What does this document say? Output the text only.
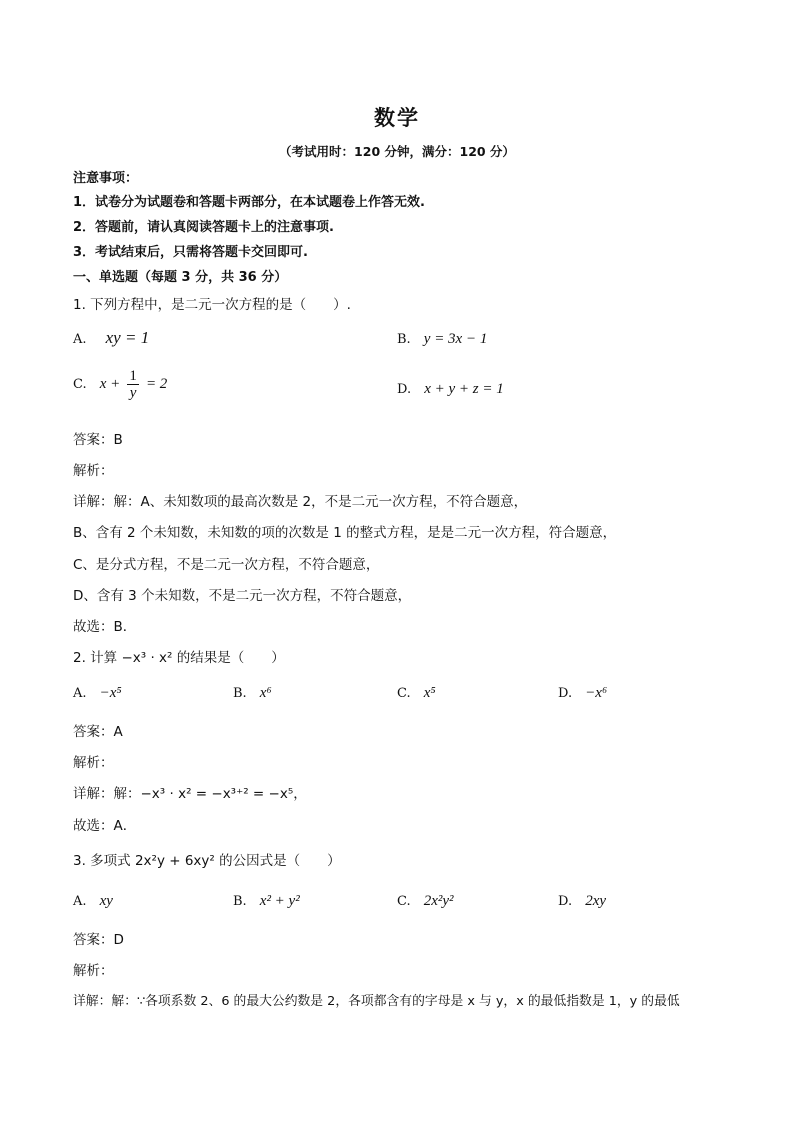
数学
（考试用时：120 分钟，满分：120 分）
注意事项：
1．试卷分为试题卷和答题卡两部分，在本试题卷上作答无效.
2．答题前，请认真阅读答题卡上的注意事项.
3．考试结束后，只需将答题卡交回即可.
一、单选题（每题 3 分，共 36 分）
1. 下列方程中，是二元一次方程的是（　　）.
A. xy = 1	B. y = 3x − 1
C. $x + \frac{1}{y} = 2$	D. x + y + z = 1
答案：B
解析：
详解：解：A、未知数项的最高次数是 2，不是二元一次方程，不符合题意，
B、含有 2 个未知数，未知数的项的次数是 1 的整式方程，是是二元一次方程，符合题意，
C、是分式方程，不是二元一次方程，不符合题意，
D、含有 3 个未知数，不是二元一次方程，不符合题意，
故选：B．
2. 计算 −x³ · x² 的结果是（　　）
A. −x⁵	B. x⁶	C. x⁵	D. −x⁶
答案：A
解析：
详解：解：−x³ · x² = −x³⁺² = −x⁵，
故选：A．
3. 多项式 2x²y + 6xy² 的公因式是（　　）
A. xy	B. x² + y²	C. 2x²y²	D. 2xy
答案：D
解析：
详解：解：∵各项系数 2、6 的最大公约数是 2，各项都含有的字母是 x 与 y，x 的最低指数是 1，y 的最低
